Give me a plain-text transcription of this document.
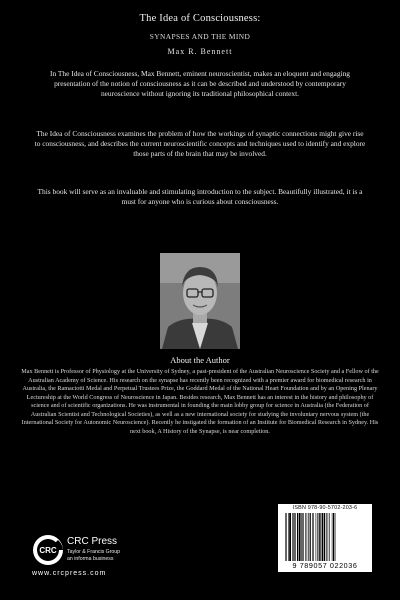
The Idea of Consciousness:
SYNAPSES AND THE MIND
Max R. Bennett

In The Idea of Consciousness, Max Bennett, eminent neuroscientist, makes an eloquent and engaging presentation of the notion of consciousness as it can be described and understood by contemporary neuroscience without ignoring its traditional philosophical context.

The Idea of Consciousness examines the problem of how the workings of synaptic connections might give rise to consciousness, and describes the current neuroscientific concepts and techniques used to identify and explore those parts of the brain that may be involved.

This book will serve as an invaluable and stimulating introduction to the subject. Beautifully illustrated, it is a must for anyone who is curious about consciousness.

About the Author

Max Bennett is Professor of Physiology at the University of Sydney, a past-president of the Australian Neuroscience Society and a Fellow of the Australian Academy of Science. His research on the synapse has recently been recognized with a premier award for biomedical research in Australia, the Ramaciotti Medal and Perpetual Trustees Prize, the Goddard Medal of the National Heart Foundation and by an Opening Plenary Lectureship at the World Congress of Neuroscience in Japan. Besides research, Max Bennett has an interest in the history and philosophy of science and of scientific organizations. He was instrumental in founding the main lobby group for science in Australia (the Federation of Australian Scientist and Technological Societies), as well as a new international society for studying the involuntary nervous system (the International Society for Autonomic Neuroscience). Recently he instigated the formation of an Institute for Biomedical Research in Sydney. His next book, A History of the Synapse, is near completion.

CRC
CRC Press
Taylor & Francis Group
an informa business
www.crcpress.com
ISBN 978-90-5702-203-6
9 789057 022036
